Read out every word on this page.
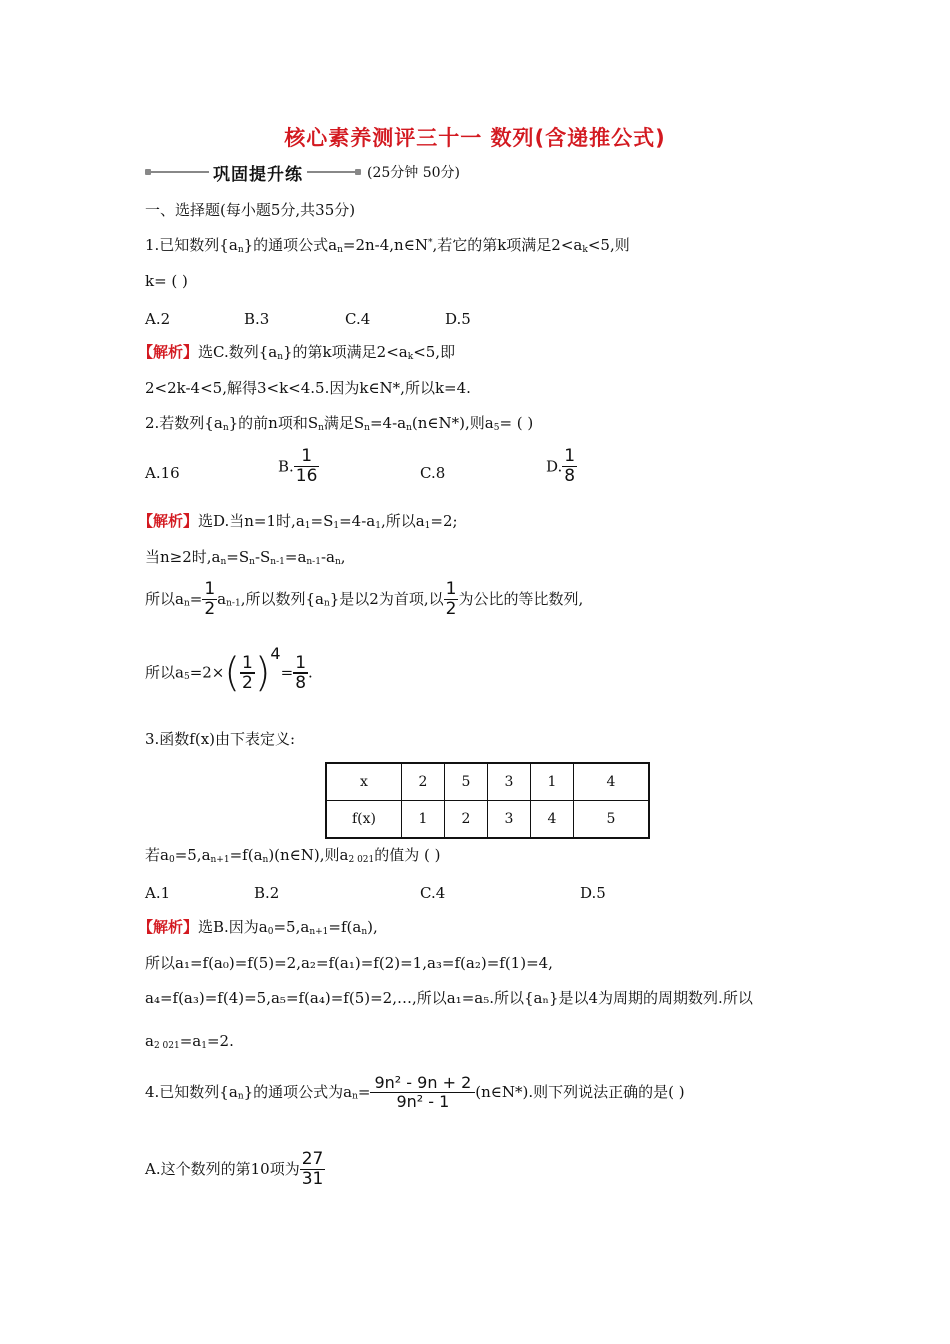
核心素养测评三十一 数列(含递推公式)
巩固提升练	(25分钟 50分)
一、选择题(每小题5分,共35分)
1.已知数列$\{a_n\}$的通项公式$a_n=2n-4,n\in N^*$,若它的第k项满足$2<a_k<5$,则
k= ( )
A.2	B.3	C.4	D.5
【解析】选C.数列$\{a_n\}$的第k项满足$2<a_k<5$,即
2<2k-4<5,解得3<k<4.5.因为k∈N*,所以k=4.
2.若数列$\{a_n\}$的前n项和$S_n$满足$S_n=4-a_n(n\in N*)$,则$a_5=$ ( )
A.16	B. $\frac{1}{16}$	C.8	D. $\frac{1}{8}$
【解析】选D.当n=1时$,a_1=S_1=4-a_1$,所以$a_1=2$;
当n≥2时$,a_n=S_n-S_{n-1}=a_{n-1}-a_n$,
所以$a_n= \frac{1}{2} a_{n-1}$,所以数列$\{a_n\}$是以2为首项,以 $\frac{1}{2}$ 为公比的等比数列,
所以$a_5=2\times( \frac{1}{2} )4= \frac{1}{8}$ .
3.函数f(x)由下表定义:
x	2	5	3	1	4
f(x)	1	2	3	4	5
若$a_0=5,a_{n+1}=f(a_n)(n\in N)$,则$a_{2 021}$的值为 ( )
A.1	B.2	C.4	D.5
【解析】选B.因为$a_0=5,a_{n+1}=f(a_n)$,
所以a₁=f(a₀)=f(5)=2,a₂=f(a₁)=f(2)=1,a₃=f(a₂)=f(1)=4,
a₄=f(a₃)=f(4)=5,a₅=f(a₄)=f(5)=2,…,所以a₁=a₅.所以{aₙ}是以4为周期的周期数列.所以
$a_{2 021}=a_1=2$.
4.已知数列$\{a_n\}$的通项公式为$a_n= \frac{\text{9n² - 9n + 2}}{\text{9n² - 1}}$ (n∈N*).则下列说法正确的是( )
A.这个数列的第10项为 $\frac{27}{31}$
